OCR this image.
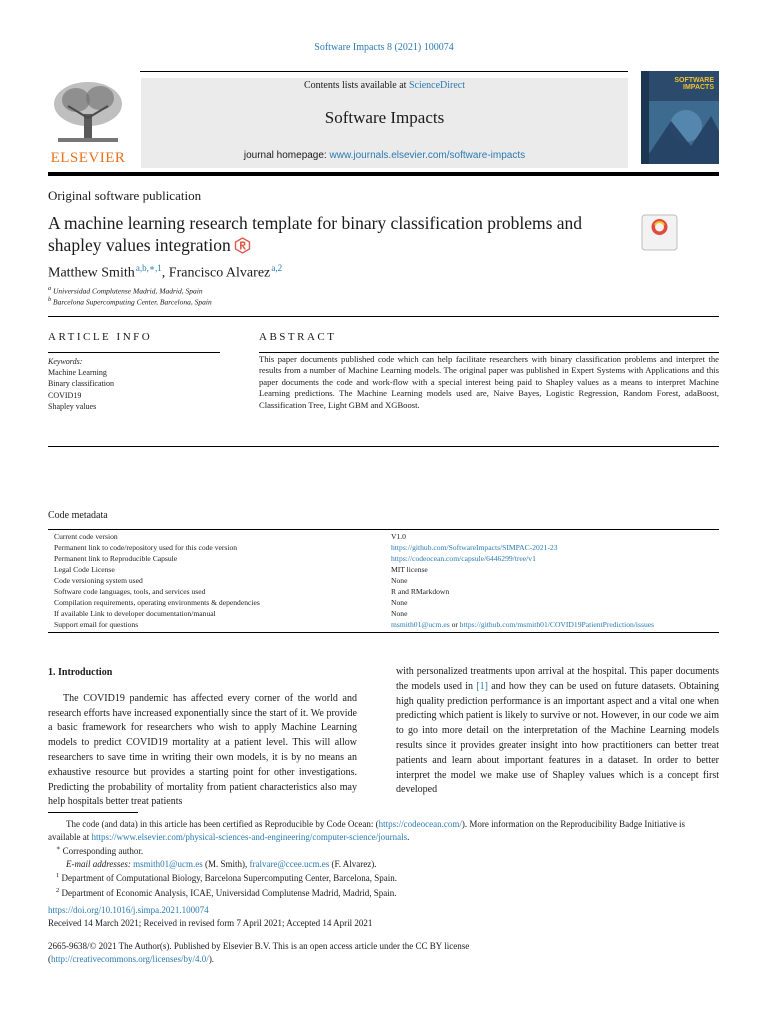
Software Impacts 8 (2021) 100074
ELSEVIER
Contents lists available at ScienceDirect
Software Impacts
journal homepage: www.journals.elsevier.com/software-impacts
SOFTWARE IMPACTS
Original software publication
A machine learning research template for binary classification problems and shapley values integration
Matthew Smith $^{a,b,∗,1}$, Francisco Alvarez $^{a,2}$
$^a$ Universidad Complutense Madrid, Madrid, Spain
$^b$ Barcelona Supercomputing Center, Barcelona, Spain
ARTICLE INFO	ABSTRACT
Keywords:
Machine Learning
Binary classification
COVID19
Shapley values
This paper documents published code which can help facilitate researchers with binary classification problems and interpret the results from a number of Machine Learning models. The original paper was published in Expert Systems with Applications and this paper documents the code and work-flow with a special interest being paid to Shapley values as a means to interpret Machine Learning predictions. The Machine Learning models used are, Naive Bayes, Logistic Regression, Random Forest, adaBoost, Classification Tree, Light GBM and XGBoost.
Code metadata
Current code version	V1.0
Permanent link to code/repository used for this code version	https://github.com/SoftwareImpacts/SIMPAC-2021-23
Permanent link to Reproducible Capsule	https://codeocean.com/capsule/6446299/tree/v1
Legal Code License	MIT license
Code versioning system used	None
Software code languages, tools, and services used	R and RMarkdown
Compilation requirements, operating environments & dependencies	None
If available Link to developer documentation/manual	None
Support email for questions	msmith01@ucm.es or https://github.com/msmith01/COVID19PatientPrediction/issues
1. Introduction

The COVID19 pandemic has affected every corner of the world and research efforts have increased exponentially since the start of it. We provide a basic framework for researchers who wish to apply Machine Learning models to predict COVID19 mortality at a patient level. This will allow researchers to save time in writing their own models, it is by no means an exhaustive resource but provides a starting point for other investigations. Predicting the probability of mortality from patient characteristics also may help hospitals better treat patients

with personalized treatments upon arrival at the hospital. This paper documents the models used in [1] and how they can be used on future datasets. Obtaining high quality prediction performance is an important aspect and a vital one when predicting which patient is likely to survive or not. However, in our code we aim to go into more detail on the interpretation of the Machine Learning models results since it provides greater insight into how practitioners can better treat patients and learn about important features in a dataset. In order to better interpret the model we make use of Shapley values which is a concept first developed

The code (and data) in this article has been certified as Reproducible by Code Ocean: (https://codeocean.com/). More information on the Reproducibility Badge Initiative is available at https://www.elsevier.com/physical-sciences-and-engineering/computer-science/journals.
∗ Corresponding author.
E-mail addresses: msmith01@ucm.es (M. Smith), fralvare@ccee.ucm.es (F. Alvarez).
$^1$ Department of Computational Biology, Barcelona Supercomputing Center, Barcelona, Spain.
$^2$ Department of Economic Analysis, ICAE, Universidad Complutense Madrid, Madrid, Spain.
https://doi.org/10.1016/j.simpa.2021.100074
Received 14 March 2021; Received in revised form 7 April 2021; Accepted 14 April 2021
2665-9638/© 2021 The Author(s). Published by Elsevier B.V. This is an open access article under the CC BY license
(http://creativecommons.org/licenses/by/4.0/).
